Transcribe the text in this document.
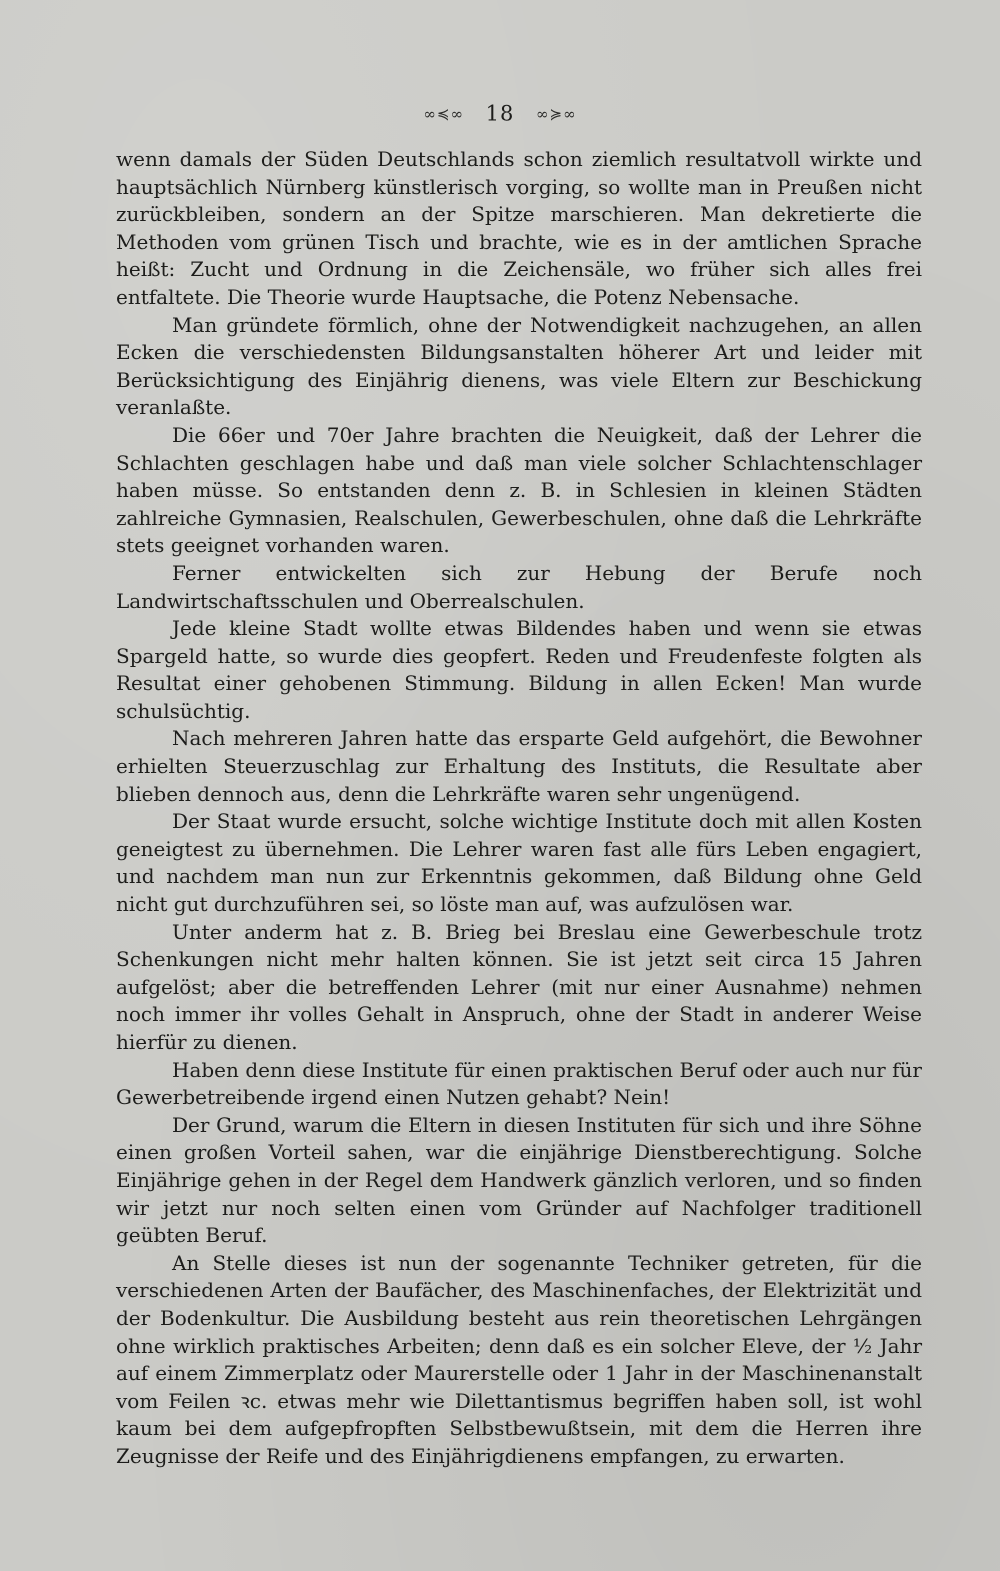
∞≼∞ 18 ∞≽∞

wenn damals der Süden Deutschlands schon ziemlich resultatvoll wirkte und hauptsächlich Nürnberg künstlerisch vorging, so wollte man in Preußen nicht zurückbleiben, sondern an der Spitze marschieren. Man dekretierte die Methoden vom grünen Tisch und brachte, wie es in der amtlichen Sprache heißt: Zucht und Ordnung in die Zeichensäle, wo früher sich alles frei entfaltete. Die Theorie wurde Hauptsache, die Potenz Nebensache.

Man gründete förmlich, ohne der Notwendigkeit nachzugehen, an allen Ecken die verschiedensten Bildungsanstalten höherer Art und leider mit Berücksichtigung des Einjährig dienens, was viele Eltern zur Beschickung veranlaßte.

Die 66er und 70er Jahre brachten die Neuigkeit, daß der Lehrer die Schlachten geschlagen habe und daß man viele solcher Schlachtenschlager haben müsse. So entstanden denn z. B. in Schlesien in kleinen Städten zahlreiche Gymnasien, Realschulen, Gewerbeschulen, ohne daß die Lehrkräfte stets geeignet vorhanden waren.

Ferner entwickelten sich zur Hebung der Berufe noch Landwirtschaftsschulen und Oberrealschulen.

Jede kleine Stadt wollte etwas Bildendes haben und wenn sie etwas Spargeld hatte, so wurde dies geopfert. Reden und Freudenfeste folgten als Resultat einer gehobenen Stimmung. Bildung in allen Ecken! Man wurde schulsüchtig.

Nach mehreren Jahren hatte das ersparte Geld aufgehört, die Bewohner erhielten Steuerzuschlag zur Erhaltung des Instituts, die Resultate aber blieben dennoch aus, denn die Lehrkräfte waren sehr ungenügend.

Der Staat wurde ersucht, solche wichtige Institute doch mit allen Kosten geneigtest zu übernehmen. Die Lehrer waren fast alle fürs Leben engagiert, und nachdem man nun zur Erkenntnis gekommen, daß Bildung ohne Geld nicht gut durchzuführen sei, so löste man auf, was aufzulösen war.

Unter anderm hat z. B. Brieg bei Breslau eine Gewerbeschule trotz Schenkungen nicht mehr halten können. Sie ist jetzt seit circa 15 Jahren aufgelöst; aber die betreffenden Lehrer (mit nur einer Ausnahme) nehmen noch immer ihr volles Gehalt in Anspruch, ohne der Stadt in anderer Weise hierfür zu dienen.

Haben denn diese Institute für einen praktischen Beruf oder auch nur für Gewerbetreibende irgend einen Nutzen gehabt? Nein!

Der Grund, warum die Eltern in diesen Instituten für sich und ihre Söhne einen großen Vorteil sahen, war die einjährige Dienstberechtigung. Solche Einjährige gehen in der Regel dem Handwerk gänzlich verloren, und so finden wir jetzt nur noch selten einen vom Gründer auf Nachfolger traditionell geübten Beruf.

An Stelle dieses ist nun der sogenannte Techniker getreten, für die verschiedenen Arten der Baufächer, des Maschinenfaches, der Elektrizität und der Bodenkultur. Die Ausbildung besteht aus rein theoretischen Lehrgängen ohne wirklich praktisches Arbeiten; denn daß es ein solcher Eleve, der ½ Jahr auf einem Zimmerplatz oder Maurerstelle oder 1 Jahr in der Maschinenanstalt vom Feilen ꝛc. etwas mehr wie Dilettantismus begriffen haben soll, ist wohl kaum bei dem aufgepfropften Selbstbewußtsein, mit dem die Herren ihre Zeugnisse der Reife und des Einjährigdienens empfangen, zu erwarten.
